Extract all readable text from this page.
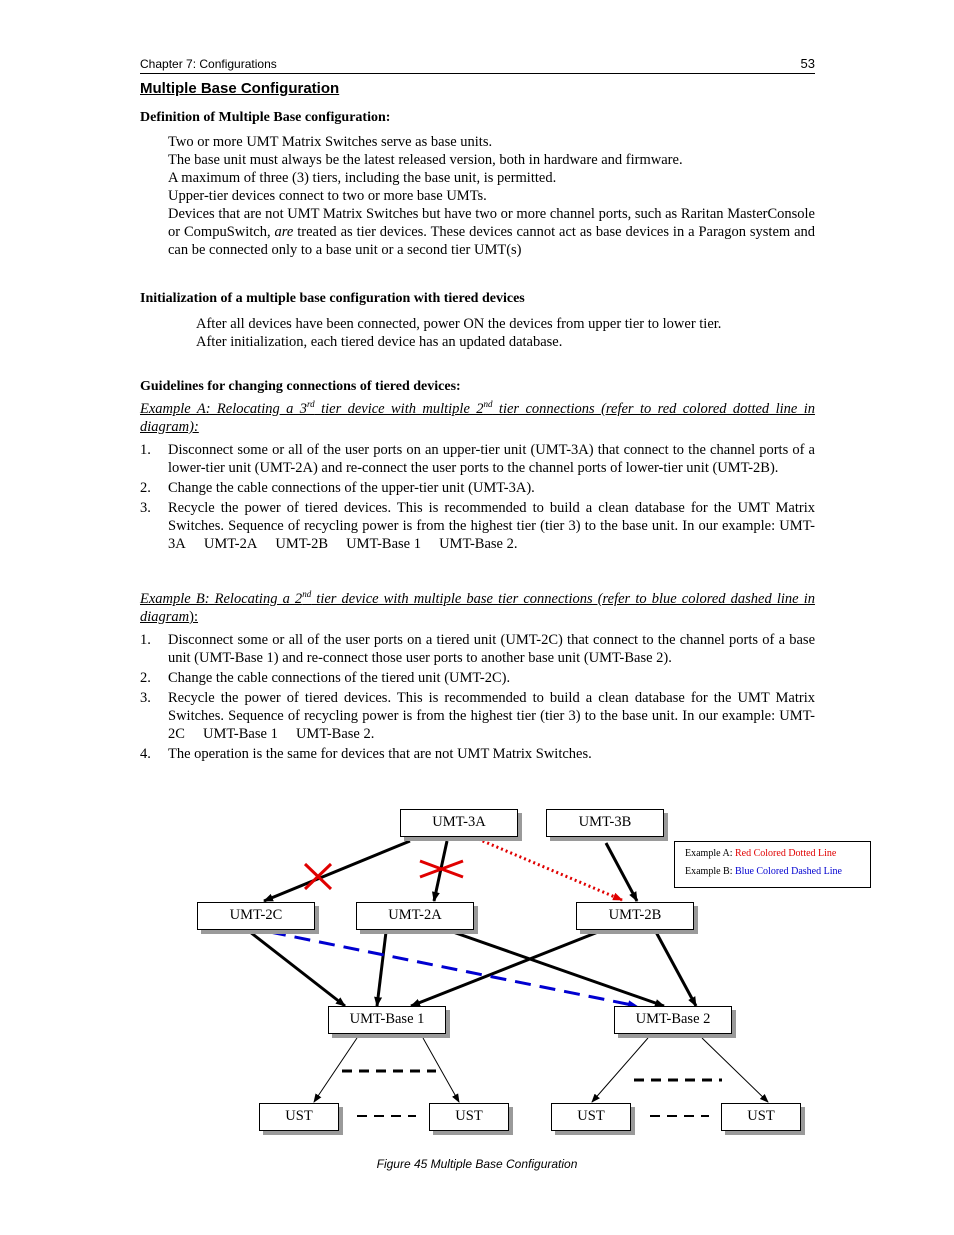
Chapter 7: Configurations	53
Multiple Base Configuration
Definition of Multiple Base configuration:
Two or more UMT Matrix Switches serve as base units.
The base unit must always be the latest released version, both in hardware and firmware.
A maximum of three (3) tiers, including the base unit, is permitted.
Upper-tier devices connect to two or more base UMTs.
Devices that are not UMT Matrix Switches but have two or more channel ports, such as Raritan MasterConsole or CompuSwitch, are treated as tier devices. These devices cannot act as base devices in a Paragon system and can be connected only to a base unit or a second tier UMT(s)
Initialization of a multiple base configuration with tiered devices
After all devices have been connected, power ON the devices from upper tier to lower tier.
After initialization, each tiered device has an updated database.
Guidelines for changing connections of tiered devices:
Example A: Relocating a 3rd tier device with multiple 2nd tier connections (refer to red colored dotted line in diagram):
1. Disconnect some or all of the user ports on an upper-tier unit (UMT-3A) that connect to the channel ports of a lower-tier unit (UMT-2A) and re-connect the user ports to the channel ports of lower-tier unit (UMT-2B).
2. Change the cable connections of the upper-tier unit (UMT-3A).
3. Recycle the power of tiered devices. This is recommended to build a clean database for the UMT Matrix Switches. Sequence of recycling power is from the highest tier (tier 3) to the base unit. In our example: UMT-3A     UMT-2A     UMT-2B     UMT-Base 1     UMT-Base 2.
Example B: Relocating a 2nd tier device with multiple base tier connections (refer to blue colored dashed line in diagram):
1. Disconnect some or all of the user ports on a tiered unit (UMT-2C) that connect to the channel ports of a base unit (UMT-Base 1) and re-connect those user ports to another base unit (UMT-Base 2).
2. Change the cable connections of the tiered unit (UMT-2C).
3. Recycle the power of tiered devices. This is recommended to build a clean database for the UMT Matrix Switches. Sequence of recycling power is from the highest tier (tier 3) to the base unit. In our example: UMT-2C     UMT-Base 1     UMT-Base 2.
4. The operation is the same for devices that are not UMT Matrix Switches.
UMT-3A	UMT-3B
UMT-2C	UMT-2A	UMT-2B
UMT-Base 1	UMT-Base 2
UST	UST	UST	UST
Example A: Red Colored Dotted Line
Example B: Blue Colored Dashed Line
Figure 45 Multiple Base Configuration
